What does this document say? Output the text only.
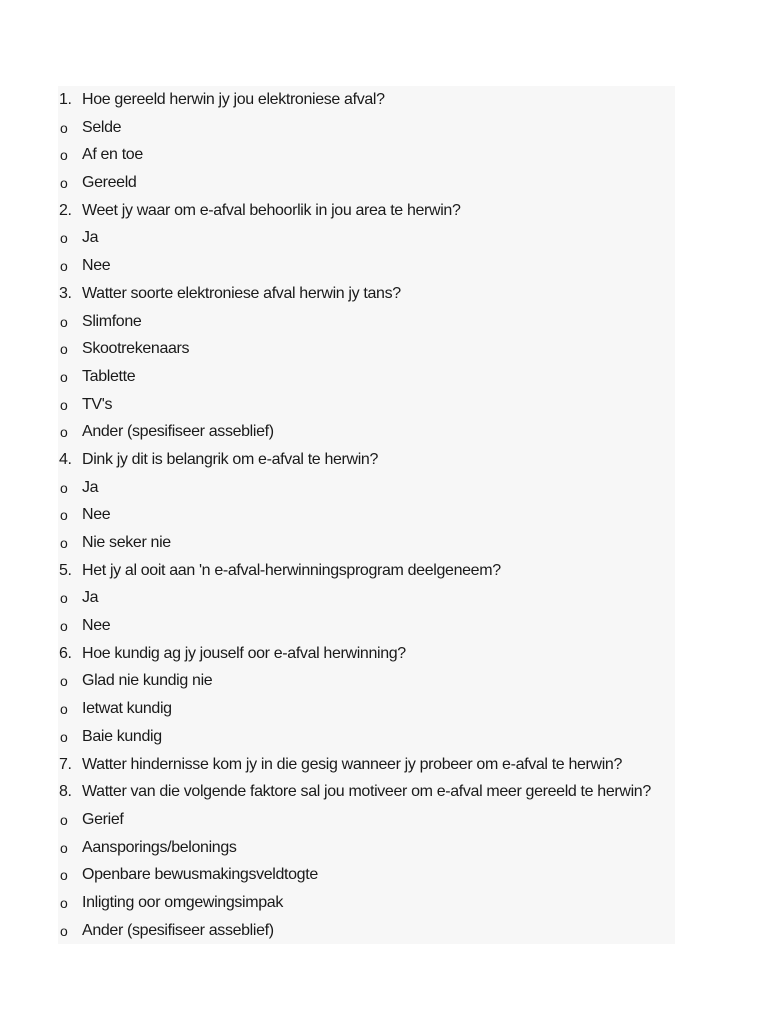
1. Hoe gereeld herwin jy jou elektroniese afval?
o Selde
o Af en toe
o Gereeld
2. Weet jy waar om e-afval behoorlik in jou area te herwin?
o Ja
o Nee
3. Watter soorte elektroniese afval herwin jy tans?
o Slimfone
o Skootrekenaars
o Tablette
o TV's
o Ander (spesifiseer asseblief)
4. Dink jy dit is belangrik om e-afval te herwin?
o Ja
o Nee
o Nie seker nie
5. Het jy al ooit aan 'n e-afval-herwinningsprogram deelgeneem?
o Ja
o Nee
6. Hoe kundig ag jy jouself oor e-afval herwinning?
o Glad nie kundig nie
o Ietwat kundig
o Baie kundig
7. Watter hindernisse kom jy in die gesig wanneer jy probeer om e-afval te herwin?
8. Watter van die volgende faktore sal jou motiveer om e-afval meer gereeld te herwin?
o Gerief
o Aansporings/belonings
o Openbare bewusmakingsveldtogte
o Inligting oor omgewingsimpak
o Ander (spesifiseer asseblief)
